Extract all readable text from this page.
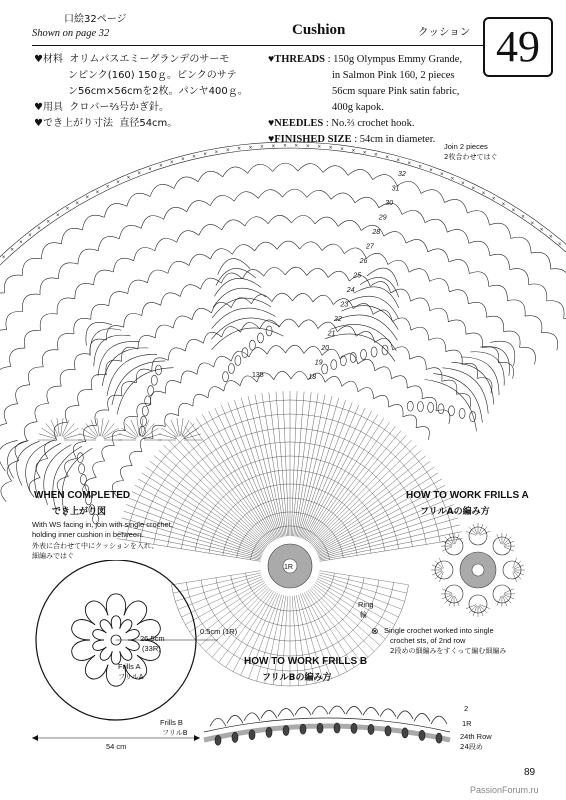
口絵32ページ
Shown on page 32	Cushion	クッション 49
♥材料 オリムパスエミーグランデのサーモ
ンピンク(160) 150ｇ。ピンクのサテ
ン56cm×56cmを2枚。パンヤ400ｇ。
♥用具 クロバー⅔号かぎ針。
♥でき上がり寸法 直径54cm。
♥THREADS : 150g Olympus Emmy Grande,
in Salmon Pink 160, 2 pieces
56cm square Pink satin fabric,
400g kapok.
♥NEEDLES : No.⅔ crochet hook.
♥FINISHED SIZE : 54cm in diameter.
×
×
×
×
×
×
×
×
×
×
×
×
×
×
×
×
×
×
× × × × × × × × × × × × × × × × × × × ×
×
×
×
×
×
×
×
×
×
×
×
×
×
×
×
×
1R
32
31
30
29
28
27
26
25
24
23
22
21
20
19
18
135
Join 2 pieces
2枚合わせてはぐ
Ring
輪
WHEN COMPLETED
でき上がり図
With WS facing in, join with single crochet,
holding inner cushion in between.
外表に合わせて中にクッションを入れ、
細編みではぐ
0.5cm (1R)
26.5cm
(33R)
Frills A
フリルA
Frills B
フリルB
54 cm
HOW TO WORK FRILLS A
フリルAの編み方
⊗ Single crochet worked into single
crochet sts, of 2nd row
2段めの細編みをすくって編む細編み
HOW TO WORK FRILLS B
フリルBの編み方
2
1R
24th Row
24段め
89
PassionForum.ru
